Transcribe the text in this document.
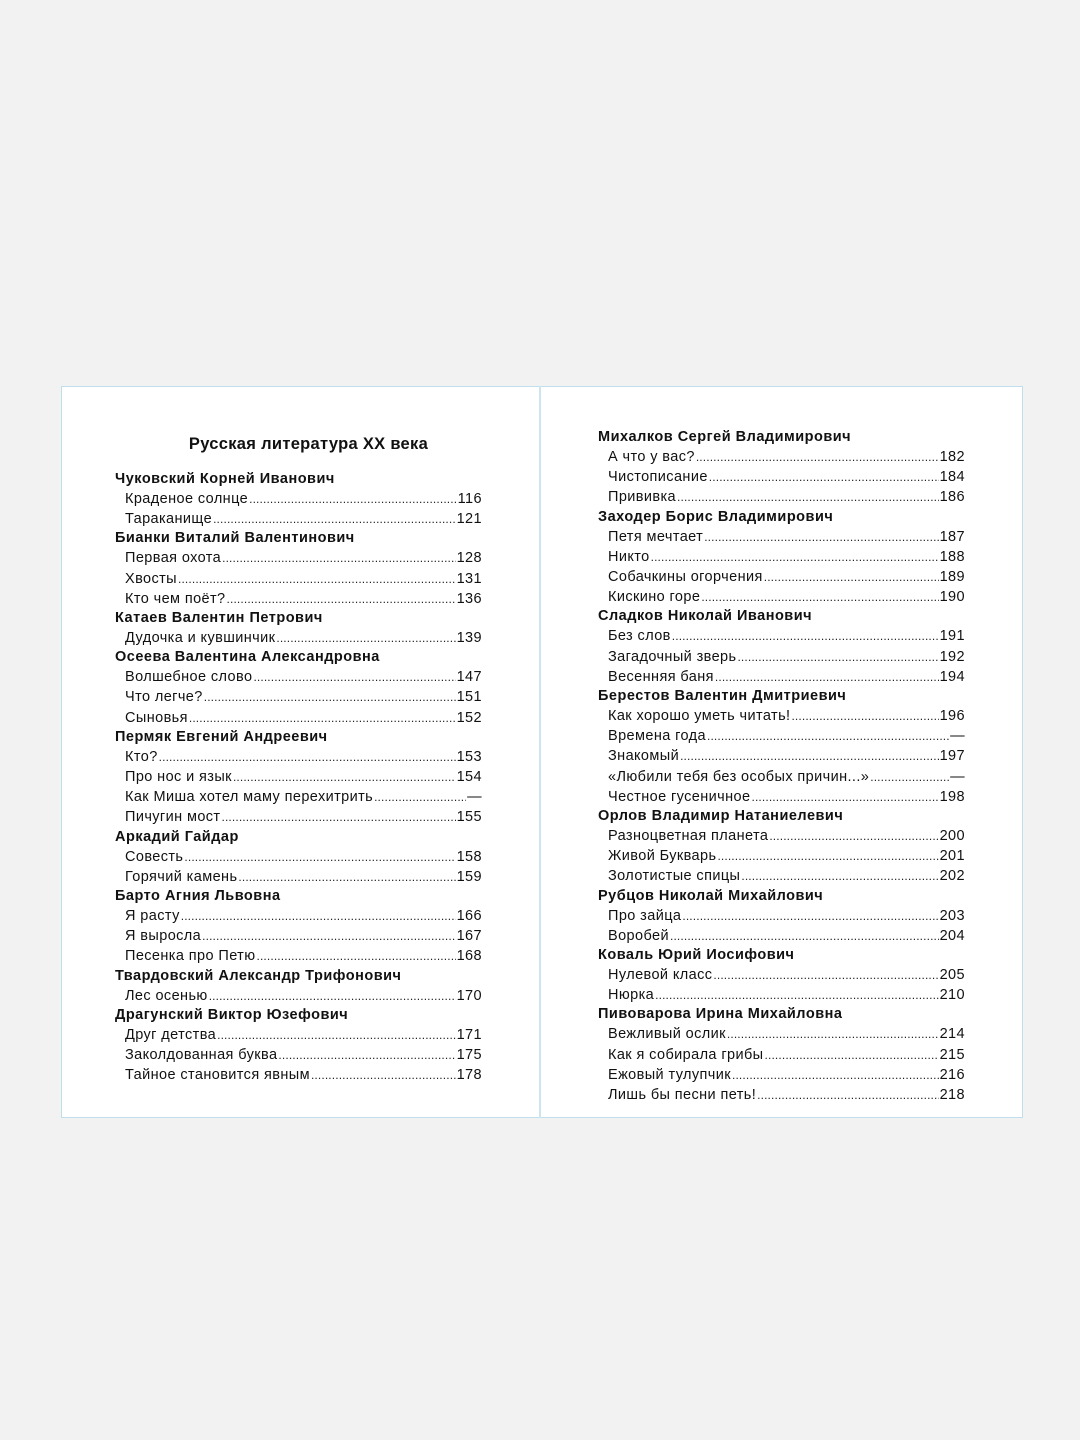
Русская литература XX века
Чуковский Корней Иванович
Краденое солнце . . .	116
Тараканище . . .	121
Бианки Виталий Валентинович
Первая охота . . .	128
Хвосты . . .	131
Кто чем поёт? . . .	136
Катаев Валентин Петрович
Дудочка и кувшинчик . . .	139
Осеева Валентина Александровна
Волшебное слово . . .	147
Что легче? . . .	151
Сыновья . . .	152
Пермяк Евгений Андреевич
Кто? . . .	153
Про нос и язык . . .	154
Как Миша хотел маму перехитрить . . .	—
Пичугин мост . . .	155
Аркадий Гайдар
Совесть . . .	158
Горячий камень . . .	159
Барто Агния Львовна
Я расту . . .	166
Я выросла . . .	167
Песенка про Петю . . .	168
Твардовский Александр Трифонович
Лес осенью . . .	170
Драгунский Виктор Юзефович
Друг детства . . .	171
Заколдованная буква . . .	175
Тайное становится явным . . .	178
Михалков Сергей Владимирович
А что у вас? . . .	182
Чистописание . . .	184
Прививка . . .	186
Заходер Борис Владимирович
Петя мечтает . . .	187
Никто . . .	188
Собачкины огорчения . . .	189
Кискино горе . . .	190
Сладков Николай Иванович
Без слов . . .	191
Загадочный зверь . . .	192
Весенняя баня . . .	194
Берестов Валентин Дмитриевич
Как хорошо уметь читать! . . .	196
Времена года . . .	—
Знакомый . . .	197
«Любили тебя без особых причин...» . . .	—
Честное гусеничное . . .	198
Орлов Владимир Натаниелевич
Разноцветная планета . . .	200
Живой Букварь . . .	201
Золотистые спицы . . .	202
Рубцов Николай Михайлович
Про зайца . . .	203
Воробей . . .	204
Коваль Юрий Иосифович
Нулевой класс . . .	205
Нюрка . . .	210
Пивоварова Ирина Михайловна
Вежливый ослик . . .	214
Как я собирала грибы . . .	215
Ежовый тулупчик . . .	216
Лишь бы песни петь! . . .	218
